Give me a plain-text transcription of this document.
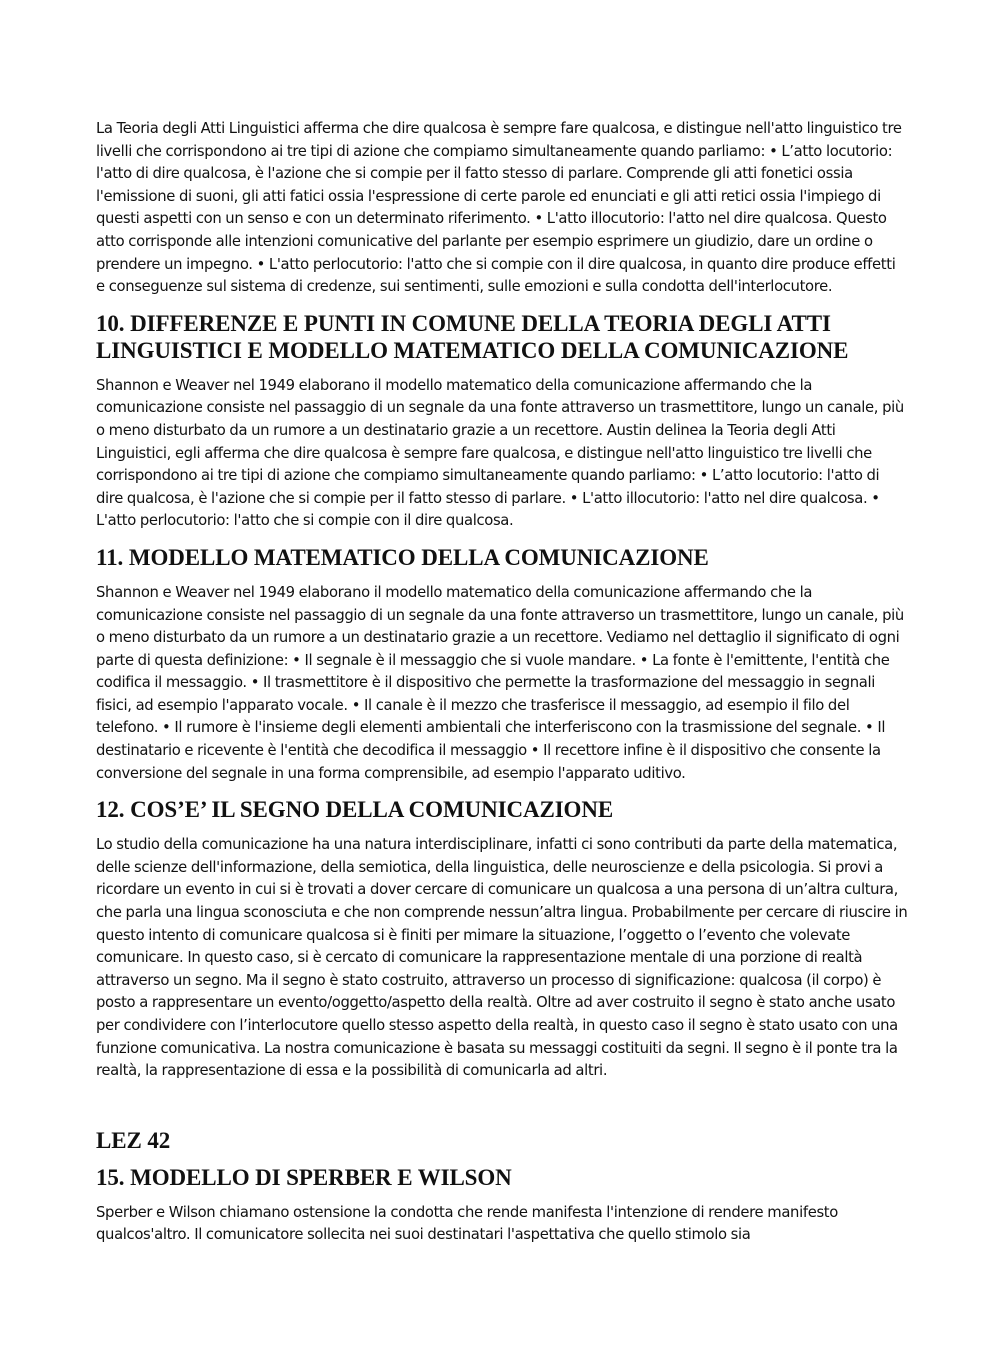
La Teoria degli Atti Linguistici afferma che dire qualcosa è sempre fare qualcosa, e distingue nell'atto linguistico tre livelli che corrispondono ai tre tipi di azione che compiamo simultaneamente quando parliamo: • L’atto locutorio: l'atto di dire qualcosa, è l'azione che si compie per il fatto stesso di parlare. Comprende gli atti fonetici ossia l'emissione di suoni, gli atti fatici ossia l'espressione di certe parole ed enunciati e gli atti retici ossia l'impiego di questi aspetti con un senso e con un determinato riferimento. • L'atto illocutorio: l'atto nel dire qualcosa. Questo atto corrisponde alle intenzioni comunicative del parlante per esempio esprimere un giudizio, dare un ordine o prendere un impegno. • L'atto perlocutorio: l'atto che si compie con il dire qualcosa, in quanto dire produce effetti e conseguenze sul sistema di credenze, sui sentimenti, sulle emozioni e sulla condotta dell'interlocutore.

10. DIFFERENZE E PUNTI IN COMUNE DELLA TEORIA DEGLI ATTI LINGUISTICI E MODELLO MATEMATICO DELLA COMUNICAZIONE

Shannon e Weaver nel 1949 elaborano il modello matematico della comunicazione affermando che la comunicazione consiste nel passaggio di un segnale da una fonte attraverso un trasmettitore, lungo un canale, più o meno disturbato da un rumore a un destinatario grazie a un recettore. Austin delinea la Teoria degli Atti Linguistici, egli afferma che dire qualcosa è sempre fare qualcosa, e distingue nell'atto linguistico tre livelli che corrispondono ai tre tipi di azione che compiamo simultaneamente quando parliamo: • L’atto locutorio: l'atto di dire qualcosa, è l'azione che si compie per il fatto stesso di parlare. • L'atto illocutorio: l'atto nel dire qualcosa. • L'atto perlocutorio: l'atto che si compie con il dire qualcosa.

11. MODELLO MATEMATICO DELLA COMUNICAZIONE

Shannon e Weaver nel 1949 elaborano il modello matematico della comunicazione affermando che la comunicazione consiste nel passaggio di un segnale da una fonte attraverso un trasmettitore, lungo un canale, più o meno disturbato da un rumore a un destinatario grazie a un recettore. Vediamo nel dettaglio il significato di ogni parte di questa definizione: • Il segnale è il messaggio che si vuole mandare. • La fonte è l'emittente, l'entità che codifica il messaggio. • Il trasmettitore è il dispositivo che permette la trasformazione del messaggio in segnali fisici, ad esempio l'apparato vocale. • Il canale è il mezzo che trasferisce il messaggio, ad esempio il filo del telefono. • Il rumore è l'insieme degli elementi ambientali che interferiscono con la trasmissione del segnale. • Il destinatario e ricevente è l'entità che decodifica il messaggio • Il recettore infine è il dispositivo che consente la conversione del segnale in una forma comprensibile, ad esempio l'apparato uditivo.

12. COS’E’ IL SEGNO DELLA COMUNICAZIONE

Lo studio della comunicazione ha una natura interdisciplinare, infatti ci sono contributi da parte della matematica, delle scienze dell'informazione, della semiotica, della linguistica, delle neuroscienze e della psicologia. Si provi a ricordare un evento in cui si è trovati a dover cercare di comunicare un qualcosa a una persona di un’altra cultura, che parla una lingua sconosciuta e che non comprende nessun’altra lingua. Probabilmente per cercare di riuscire in questo intento di comunicare qualcosa si è finiti per mimare la situazione, l’oggetto o l’evento che volevate comunicare. In questo caso, si è cercato di comunicare la rappresentazione mentale di una porzione di realtà attraverso un segno. Ma il segno è stato costruito, attraverso un processo di significazione: qualcosa (il corpo) è posto a rappresentare un evento/oggetto/aspetto della realtà. Oltre ad aver costruito il segno è stato anche usato per condividere con l’interlocutore quello stesso aspetto della realtà, in questo caso il segno è stato usato con una funzione comunicativa. La nostra comunicazione è basata su messaggi costituiti da segni. Il segno è il ponte tra la realtà, la rappresentazione di essa e la possibilità di comunicarla ad altri.

LEZ 42
15. MODELLO DI SPERBER E WILSON

Sperber e Wilson chiamano ostensione la condotta che rende manifesta l'intenzione di rendere manifesto qualcos'altro. Il comunicatore sollecita nei suoi destinatari l'aspettativa che quello stimolo sia
